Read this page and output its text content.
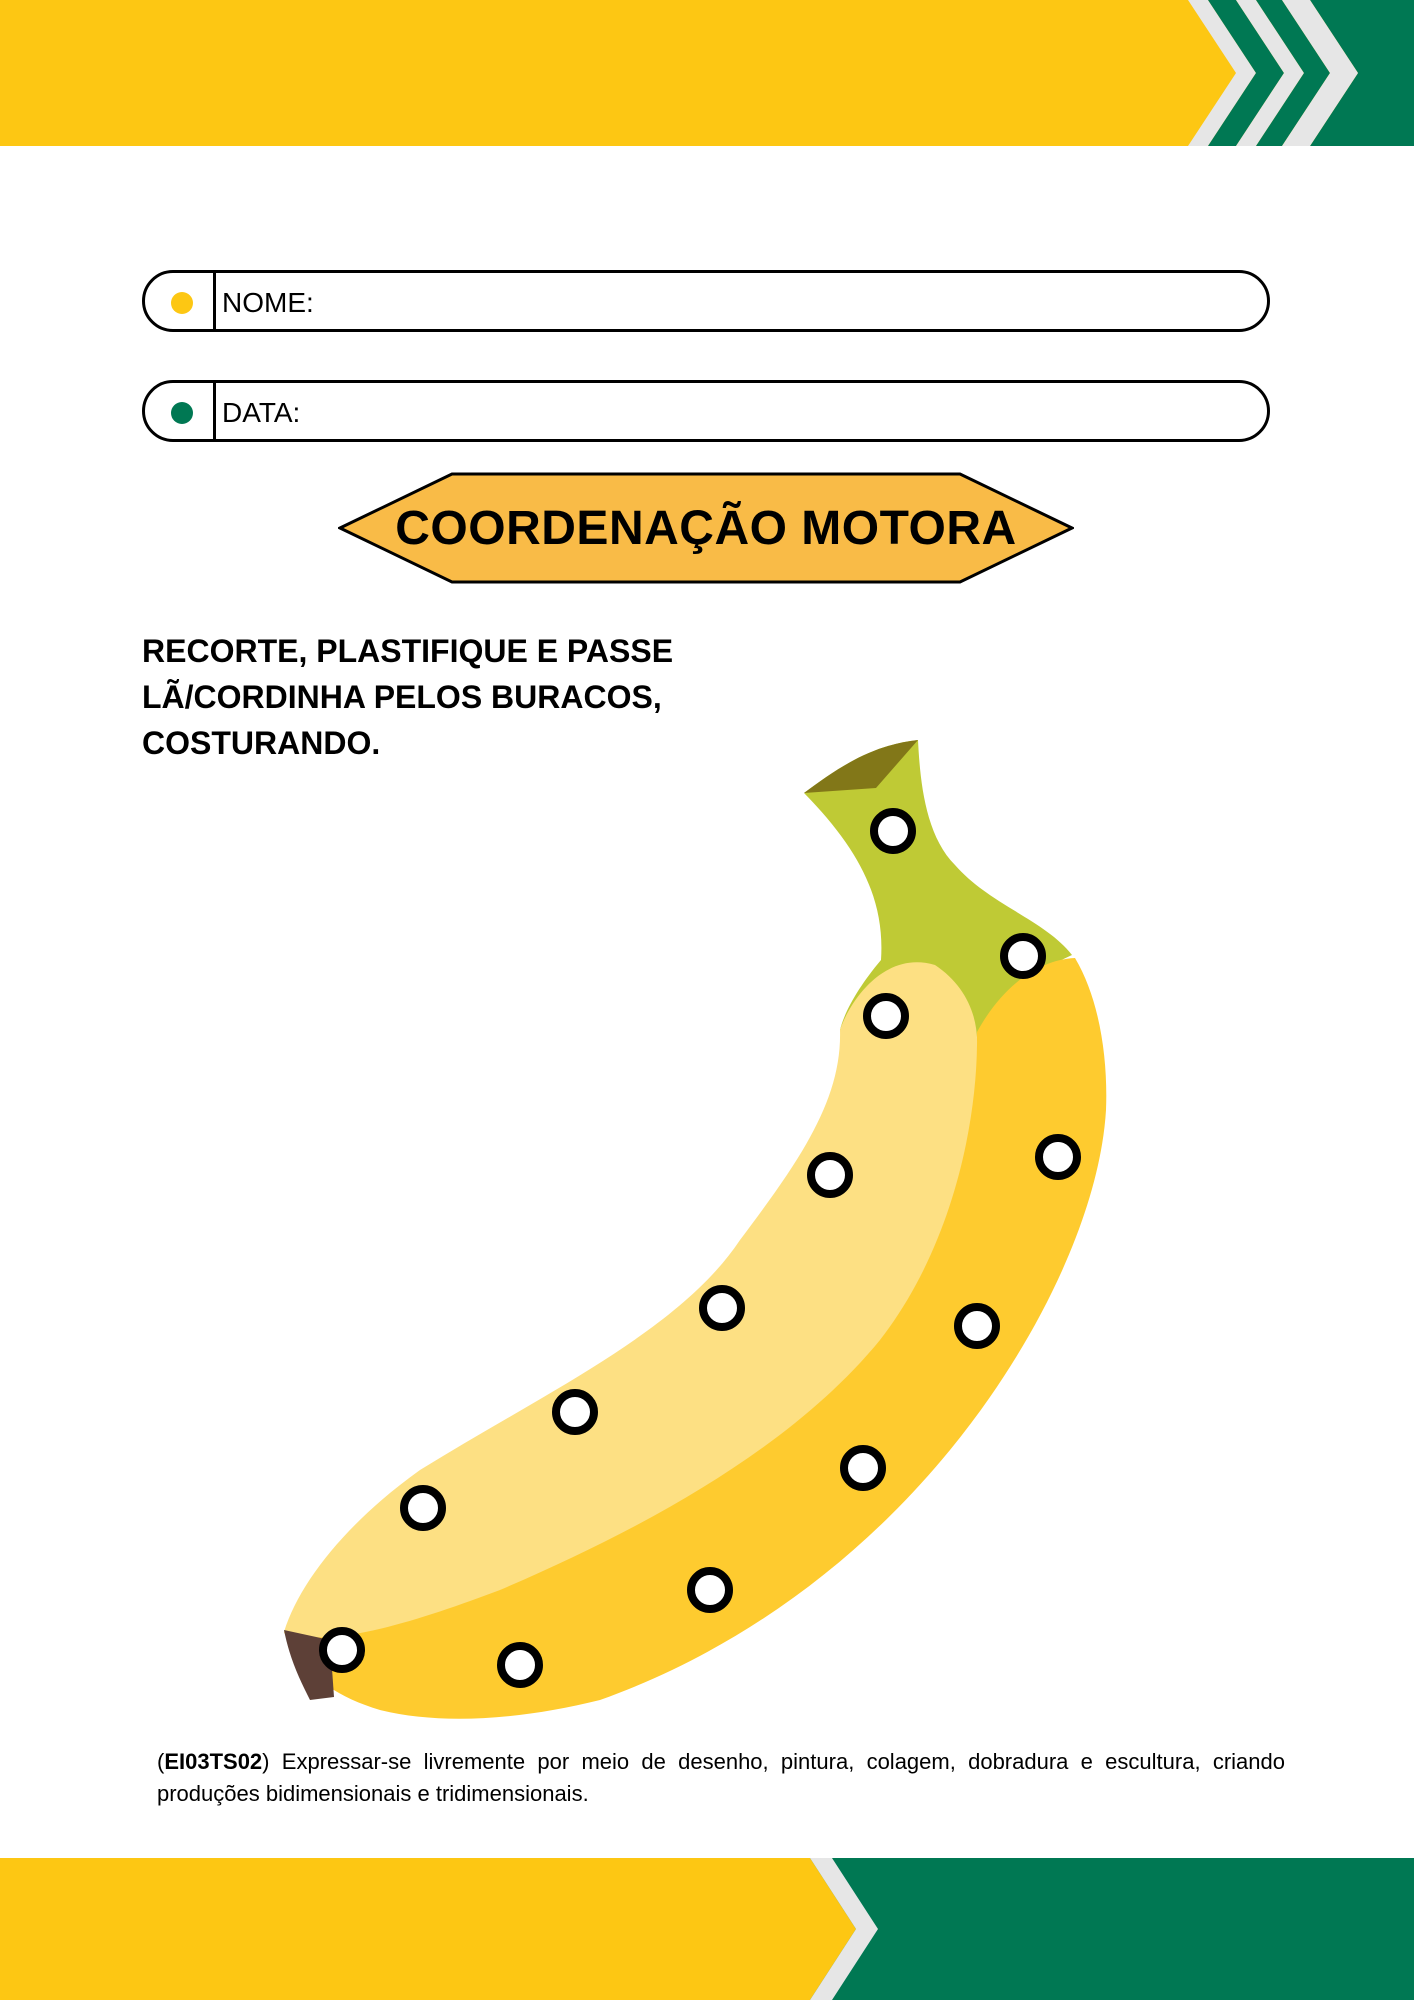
NOME:
DATA:
COORDENAÇÃO MOTORA
RECORTE, PLASTIFIQUE E PASSE LÃ/CORDINHA PELOS BURACOS, COSTURANDO.
(EI03TS02) Expressar-se livremente por meio de desenho, pintura, colagem, dobradura e escultura, criando produções bidimensionais e tridimensionais.
